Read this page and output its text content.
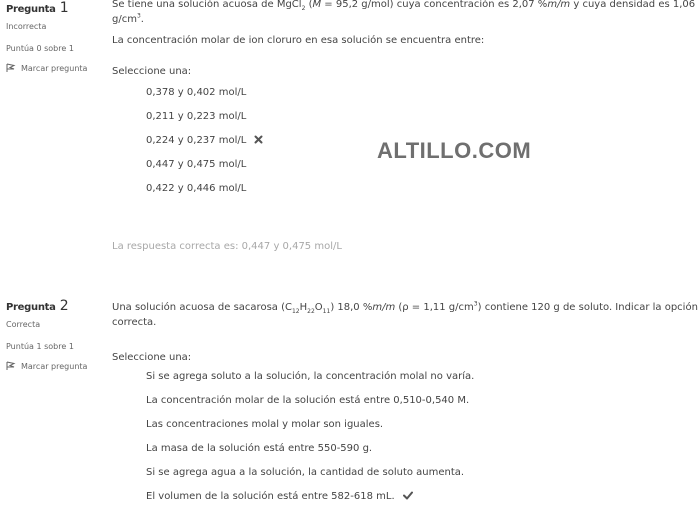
Pregunta 1
Incorrecta
Puntúa 0 sobre 1
Marcar pregunta

Se tiene una solución acuosa de MgCl$_2$ (M = 95,2 g/mol) cuya concentración es 2,07 %m/m y cuya densidad es 1,06 $g/cm^3$.

La concentración molar de ion cloruro en esa solución se encuentra entre:

Seleccione una:

0,378 y 0,402 mol/L
0,211 y 0,223 mol/L
0,224 y 0,237 mol/L
0,447 y 0,475 mol/L
0,422 y 0,446 mol/L

La respuesta correcta es: 0,447 y 0,475 mol/L

Pregunta 2
Correcta
Puntúa 1 sobre 1
Marcar pregunta

Una solución acuosa de sacarosa $(C_{12}H_{22}O_{11})$ 18,0 %m/m (ρ = 1,11 $g/cm^3$) contiene 120 g de soluto. Indicar la opción correcta.

Seleccione una:

Si se agrega soluto a la solución, la concentración molal no varía.
La concentración molar de la solución está entre 0,510-0,540 M.
Las concentraciones molal y molar son iguales.
La masa de la solución está entre 550-590 g.
Si se agrega agua a la solución, la cantidad de soluto aumenta.
El volumen de la solución está entre 582-618 mL.
ALTILLO.COM
